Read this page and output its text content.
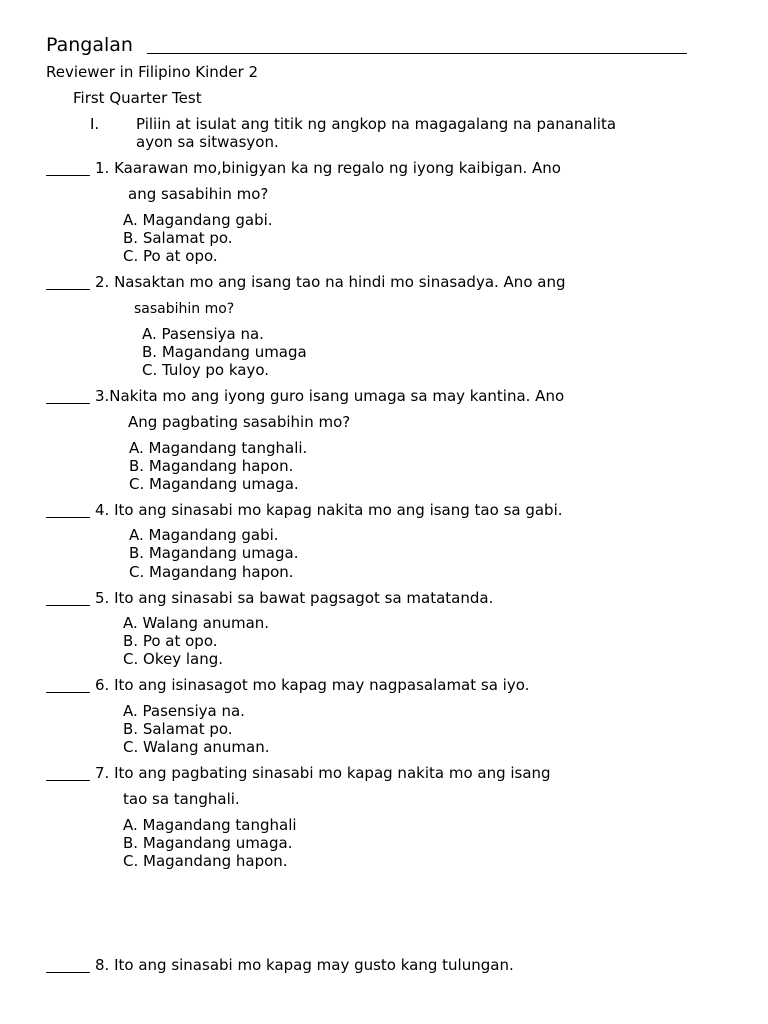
Pangalan
Reviewer in Filipino Kinder 2
First Quarter Test
I. Piliin at isulat ang titik ng angkop na magagalang na pananalita
ayon sa sitwasyon.
1. Kaarawan mo,binigyan ka ng regalo ng iyong kaibigan. Ano
ang sasabihin mo?
A. Magandang gabi.
B. Salamat po.
C. Po at opo.
2. Nasaktan mo ang isang tao na hindi mo sinasadya. Ano ang
sasabihin mo?
A. Pasensiya na.
B. Magandang umaga
C. Tuloy po kayo.
3.Nakita mo ang iyong guro isang umaga sa may kantina. Ano
Ang pagbating sasabihin mo?
A. Magandang tanghali.
B. Magandang hapon.
C. Magandang umaga.
4. Ito ang sinasabi mo kapag nakita mo ang isang tao sa gabi.
A. Magandang gabi.
B. Magandang umaga.
C. Magandang hapon.
5. Ito ang sinasabi sa bawat pagsagot sa matatanda.
A. Walang anuman.
B. Po at opo.
C. Okey lang.
6. Ito ang isinasagot mo kapag may nagpasalamat sa iyo.
A. Pasensiya na.
B. Salamat po.
C. Walang anuman.
7. Ito ang pagbating sinasabi mo kapag nakita mo ang isang
tao sa tanghali.
A. Magandang tanghali
B. Magandang umaga.
C. Magandang hapon.
8. Ito ang sinasabi mo kapag may gusto kang tulungan.
